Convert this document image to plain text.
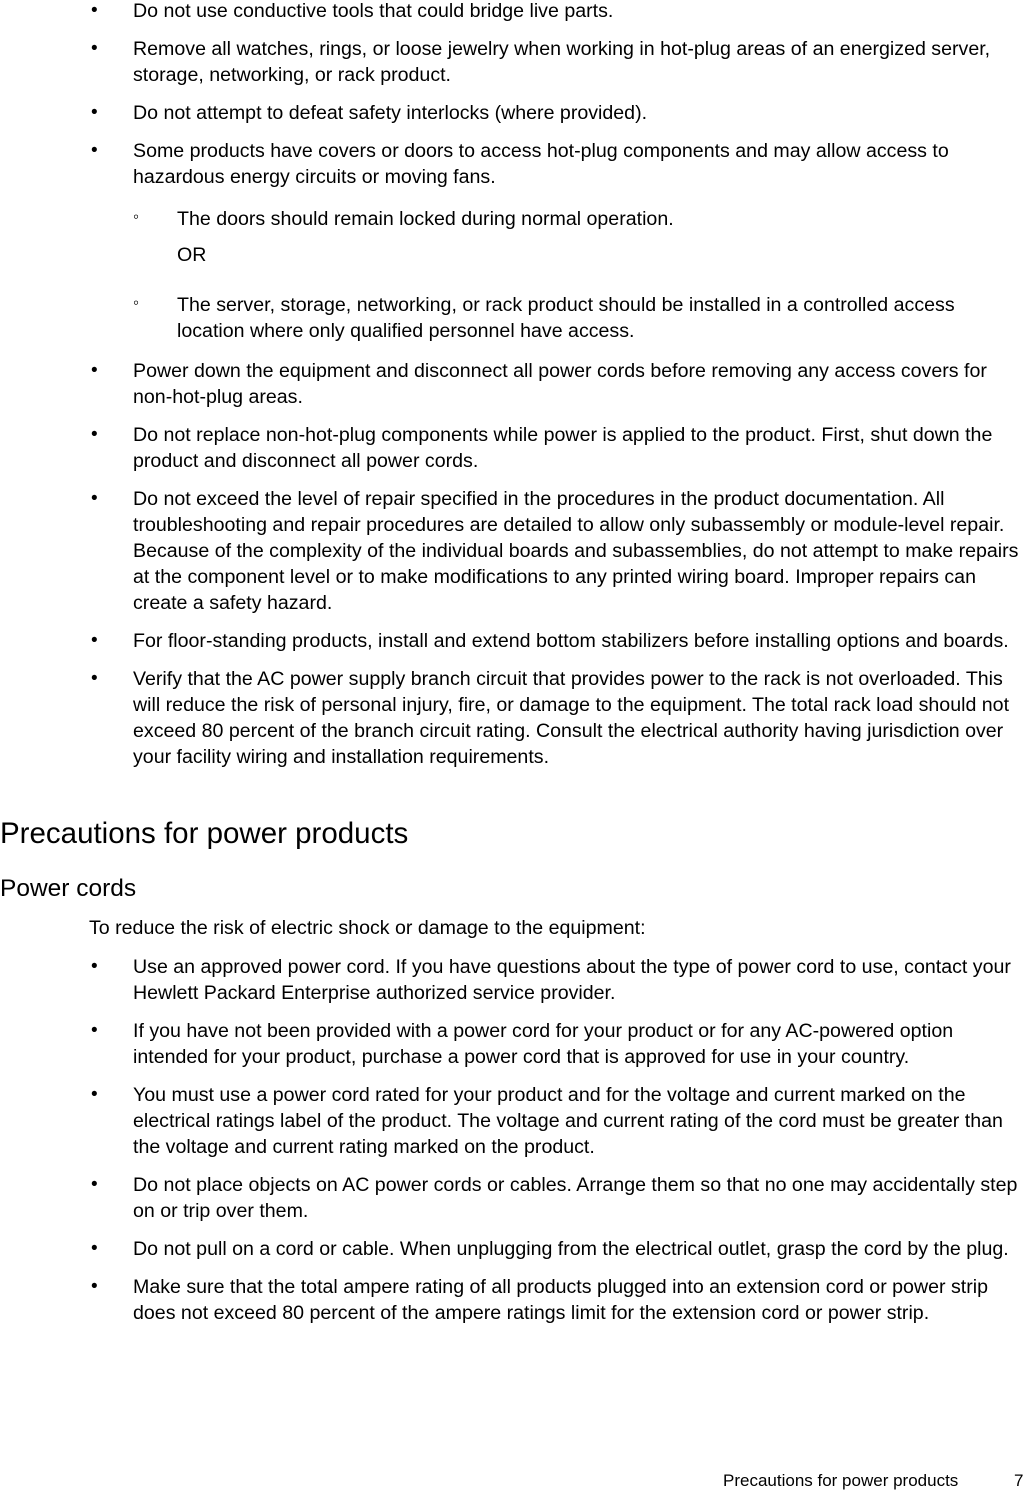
• Do not use conductive tools that could bridge live parts.
• Remove all watches, rings, or loose jewelry when working in hot-plug areas of an energized server, storage, networking, or rack product.
• Do not attempt to defeat safety interlocks (where provided).
• Some products have covers or doors to access hot-plug components and may allow access to hazardous energy circuits or moving fans.
◦ The doors should remain locked during normal operation.
OR
◦ The server, storage, networking, or rack product should be installed in a controlled access location where only qualified personnel have access.
• Power down the equipment and disconnect all power cords before removing any access covers for non-hot-plug areas.
• Do not replace non-hot-plug components while power is applied to the product. First, shut down the product and disconnect all power cords.
• Do not exceed the level of repair specified in the procedures in the product documentation. All troubleshooting and repair procedures are detailed to allow only subassembly or module-level repair. Because of the complexity of the individual boards and subassemblies, do not attempt to make repairs at the component level or to make modifications to any printed wiring board. Improper repairs can create a safety hazard.
• For floor-standing products, install and extend bottom stabilizers before installing options and boards.
• Verify that the AC power supply branch circuit that provides power to the rack is not overloaded. This will reduce the risk of personal injury, fire, or damage to the equipment. The total rack load should not exceed 80 percent of the branch circuit rating. Consult the electrical authority having jurisdiction over your facility wiring and installation requirements.
Precautions for power products
Power cords

To reduce the risk of electric shock or damage to the equipment:

• Use an approved power cord. If you have questions about the type of power cord to use, contact your Hewlett Packard Enterprise authorized service provider.
• If you have not been provided with a power cord for your product or for any AC-powered option intended for your product, purchase a power cord that is approved for use in your country.
• You must use a power cord rated for your product and for the voltage and current marked on the electrical ratings label of the product. The voltage and current rating of the cord must be greater than the voltage and current rating marked on the product.
• Do not place objects on AC power cords or cables. Arrange them so that no one may accidentally step on or trip over them.
• Do not pull on a cord or cable. When unplugging from the electrical outlet, grasp the cord by the plug.
• Make sure that the total ampere rating of all products plugged into an extension cord or power strip does not exceed 80 percent of the ampere ratings limit for the extension cord or power strip.
Precautions for power products	7
